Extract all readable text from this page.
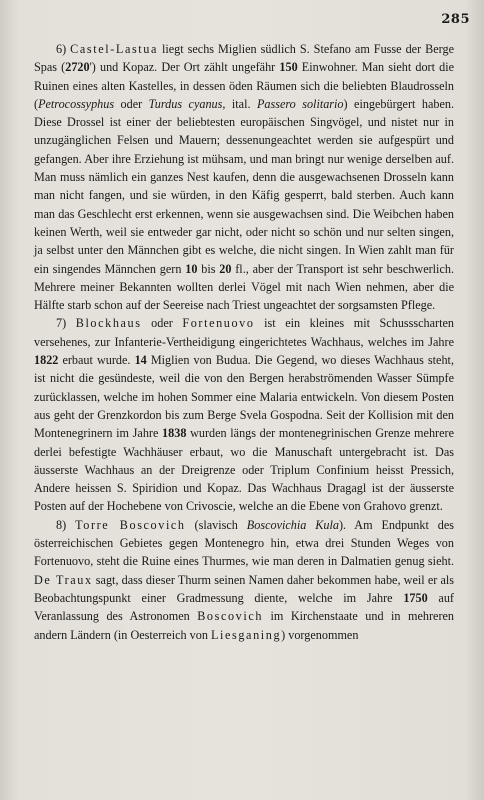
285

6) Castel-Lastua liegt sechs Miglien südlich S. Stefano am Fusse der Berge Spas (2720') und Kopaz. Der Ort zählt ungefähr 150 Einwohner. Man sieht dort die Ruinen eines alten Kastelles, in dessen öden Räumen sich die beliebten Blaudrosseln (Petrocossyphus oder Turdus cyanus, ital. Passero solitario) eingebürgert haben. Diese Drossel ist einer der beliebtesten europäischen Singvögel, und nistet nur in unzugänglichen Felsen und Mauern; dessenungeachtet werden sie aufgespürt und gefangen. Aber ihre Erziehung ist mühsam, und man bringt nur wenige derselben auf. Man muss nämlich ein ganzes Nest kaufen, denn die ausgewachsenen Drosseln kann man nicht fangen, und sie würden, in den Käfig gesperrt, bald sterben. Auch kann man das Geschlecht erst erkennen, wenn sie ausgewachsen sind. Die Weibchen haben keinen Werth, weil sie entweder gar nicht, oder nicht so schön und nur selten singen, ja selbst unter den Männchen gibt es welche, die nicht singen. In Wien zahlt man für ein singendes Männchen gern 10 bis 20 fl., aber der Transport ist sehr beschwerlich. Mehrere meiner Bekannten wollten derlei Vögel mit nach Wien nehmen, aber die Hälfte starb schon auf der Seereise nach Triest ungeachtet der sorgsamsten Pflege.

7) Blockhaus oder Fortenuovo ist ein kleines mit Schussscharten versehenes, zur Infanterie-Vertheidigung eingerichtetes Wachhaus, welches im Jahre 1822 erbaut wurde. 14 Miglien von Budua. Die Gegend, wo dieses Wachhaus steht, ist nicht die gesündeste, weil die von den Bergen herabströmenden Wasser Sümpfe zurücklassen, welche im hohen Sommer eine Malaria entwickeln. Von diesem Posten aus geht der Grenzkordon bis zum Berge Svela Gospodna. Seit der Kollision mit den Montenegrinern im Jahre 1838 wurden längs der montenegrinischen Grenze mehrere derlei befestigte Wachhäuser erbaut, wo die Manuschaft untergebracht ist. Das äusserste Wachhaus an der Dreigrenze oder Triplum Confinium heisst Pressich, Andere heissen S. Spiridion und Kopaz. Das Wachhaus Dragagl ist der äusserste Posten auf der Hochebene von Crivoscie, welche an die Ebene von Grahovo grenzt.

8) Torre Boscovich (slavisch Boscovichia Kula). Am Endpunkt des österreichischen Gebietes gegen Montenegro hin, etwa drei Stunden Weges von Fortenuovo, steht die Ruine eines Thurmes, wie man deren in Dalmatien genug sieht. De Traux sagt, dass dieser Thurm seinen Namen daher bekommen habe, weil er als Beobachtungspunkt einer Gradmessung diente, welche im Jahre 1750 auf Veranlassung des Astronomen Boscovich im Kirchenstaate und in mehreren andern Ländern (in Oesterreich von Liesganing) vorgenommen
